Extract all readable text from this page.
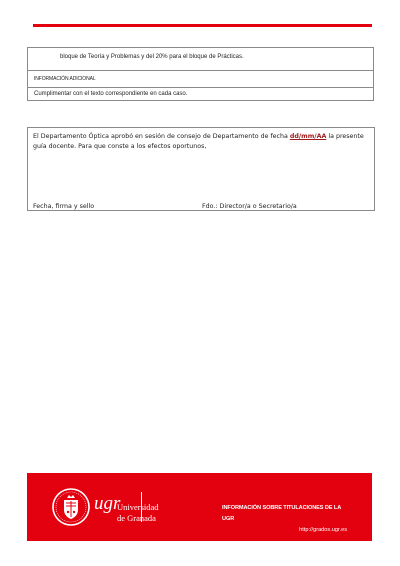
bloque de Teoría y Problemas y del 20% para el bloque de Prácticas.
INFORMACIÓN ADICIONAL
Cumplimentar con el texto correspondiente en cada caso.
El Departamento Óptica aprobó en sesión de consejo de Departamento de fecha dd/mm/AA la presente guía docente. Para que conste a los efectos oportunos,
Fecha, firma y sello	Fdo.: Director/a o Secretario/a
ugr
Universidad
de Granada
INFORMACIÓN SOBRE TITULACIONES DE LA UGR
http://grados.ugr.es
